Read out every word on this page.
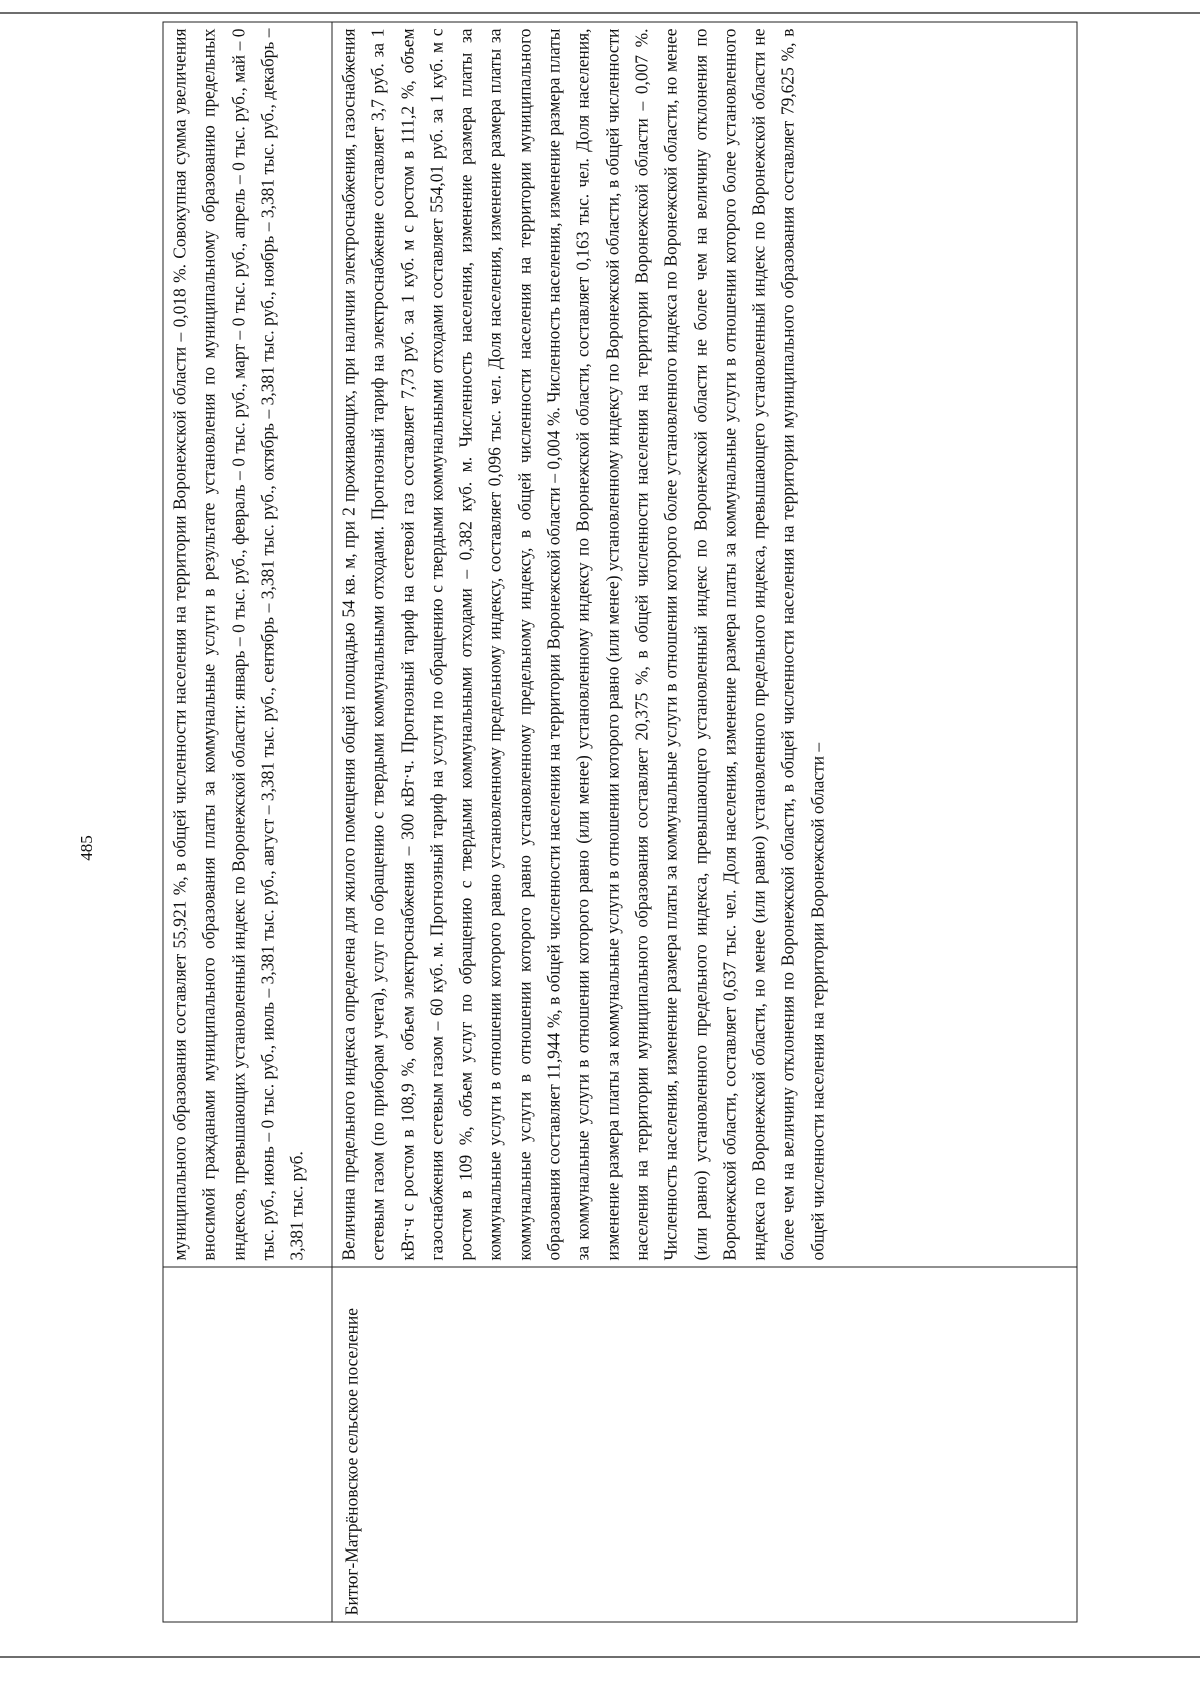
485
		муниципального образования составляет 55,921 %, в общей численности населения на территории Воронежской области – 0,018 %. Совокупная сумма увеличения вносимой гражданами муниципального образования платы за коммунальные услуги в результате установления по муниципальному образованию предельных индексов, превышающих установленный индекс по Воронежской области: январь – 0 тыс. руб., февраль – 0 тыс. руб., март – 0 тыс. руб., апрель – 0 тыс. руб., май – 0 тыс. руб., июнь – 0 тыс. руб., июль – 3,381 тыс. руб., август – 3,381 тыс. руб., сентябрь – 3,381 тыс. руб., октябрь – 3,381 тыс. руб., ноябрь – 3,381 тыс. руб., декабрь – 3,381 тыс. руб.
Битюг-Матрёновское сельское поселение	Величина предельного индекса определена для жилого помещения общей площадью 54 кв. м, при 2 проживающих, при наличии электроснабжения, газоснабжения сетевым газом (по приборам учета), услуг по обращению с твердыми коммунальными отходами. Прогнозный тариф на электроснабжение составляет 3,7 руб. за 1 кВт·ч с ростом в 108,9 %, объем электроснабжения – 300 кВт·ч. Прогнозный тариф на сетевой газ составляет 7,73 руб. за 1 куб. м с ростом в 111,2 %, объем газоснабжения сетевым газом – 60 куб. м. Прогнозный тариф на услуги по обращению с твердыми коммунальными отходами составляет 554,01 руб. за 1 куб. м с ростом в 109 %, объем услуг по обращению с твердыми коммунальными отходами – 0,382 куб. м. Численность населения, изменение размера платы за коммунальные услуги в отношении которого равно установленному предельному индексу, составляет 0,096 тыс. чел. Доля населения, изменение размера платы за коммунальные услуги в отношении которого равно установленному предельному индексу, в общей численности населения на территории муниципального образования составляет 11,944 %, в общей численности населения на территории Воронежской области – 0,004 %. Численность населения, изменение размера платы за коммунальные услуги в отношении которого равно (или менее) установленному индексу по Воронежской области, составляет 0,163 тыс. чел. Доля населения, изменение размера платы за коммунальные услуги в отношении которого равно (или менее) установленному индексу по Воронежской области, в общей численности населения на территории муниципального образования составляет 20,375 %, в общей численности населения на территории Воронежской области – 0,007 %. Численность населения, изменение размера платы за коммунальные услуги в отношении которого более установленного индекса по Воронежской области, но менее (или равно) установленного предельного индекса, превышающего установленный индекс по Воронежской области не более чем на величину отклонения по Воронежской области, составляет 0,637 тыс. чел. Доля населения, изменение размера платы за коммунальные услуги в отношении которого более установленного индекса по Воронежской области, но менее (или равно) установленного предельного индекса, превышающего установленный индекс по Воронежской области не более чем на величину отклонения по Воронежской области, в общей численности населения на территории муниципального образования составляет 79,625 %, в общей численности населения на территории Воронежской области –
